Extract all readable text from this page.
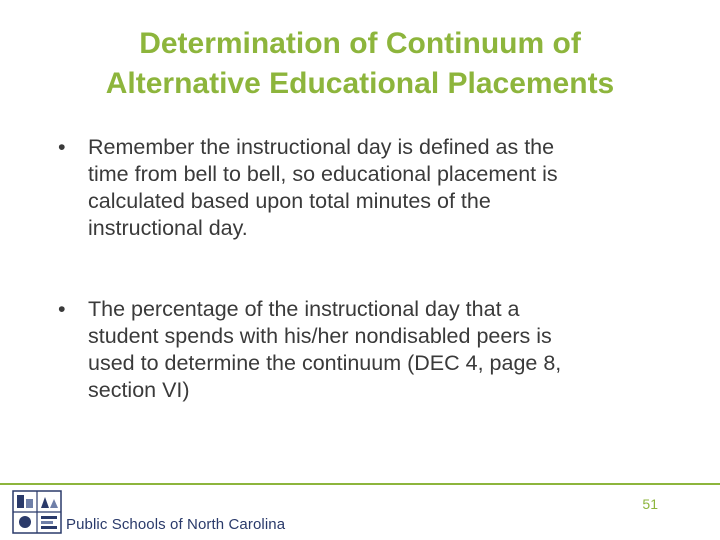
Determination of Continuum of
Alternative Educational Placements
• Remember the instructional day is defined as the
time from bell to bell, so educational placement is
calculated based upon total minutes of the
instructional day.
• The percentage of the instructional day that a
student spends with his/her nondisabled peers is
used to determine the continuum (DEC 4, page 8,
section VI)
51
Public Schools of North Carolina
